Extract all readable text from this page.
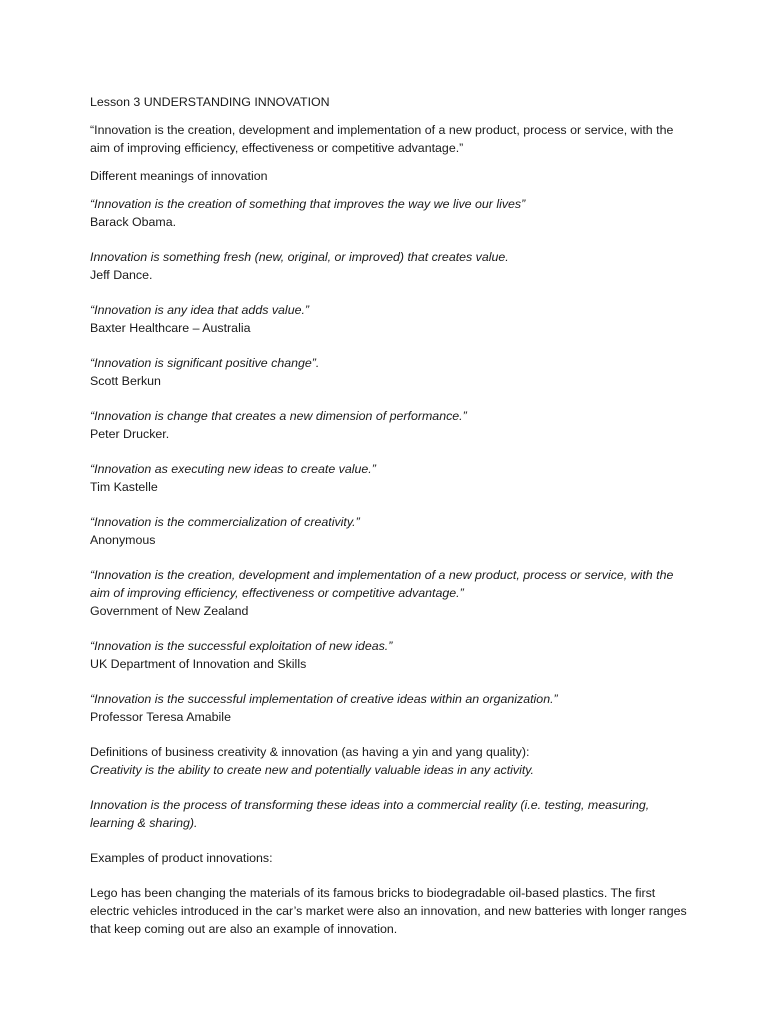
Lesson 3 UNDERSTANDING INNOVATION

“Innovation is the creation, development and implementation of a new product, process or service, with the aim of improving efficiency, effectiveness or competitive advantage.”

Different meanings of innovation

“Innovation is the creation of something that improves the way we live our lives”

Barack Obama.

Innovation is something fresh (new, original, or improved) that creates value.

Jeff Dance.

“Innovation is any idea that adds value.”

Baxter Healthcare – Australia

“Innovation is significant positive change”.

Scott Berkun

“Innovation is change that creates a new dimension of performance.”

Peter Drucker.

“Innovation as executing new ideas to create value.”

Tim Kastelle

“Innovation is the commercialization of creativity.”

Anonymous

“Innovation is the creation, development and implementation of a new product, process or service, with the aim of improving efficiency, effectiveness or competitive advantage.”

Government of New Zealand

“Innovation is the successful exploitation of new ideas.”

UK Department of Innovation and Skills

“Innovation is the successful implementation of creative ideas within an organization.”

Professor Teresa Amabile

Definitions of business creativity & innovation (as having a yin and yang quality):

Creativity is the ability to create new and potentially valuable ideas in any activity.

Innovation is the process of transforming these ideas into a commercial reality (i.e. testing, measuring, learning & sharing).

Examples of product innovations:

Lego has been changing the materials of its famous bricks to biodegradable oil-based plastics. The first electric vehicles introduced in the car’s market were also an innovation, and new batteries with longer ranges that keep coming out are also an example of innovation.
